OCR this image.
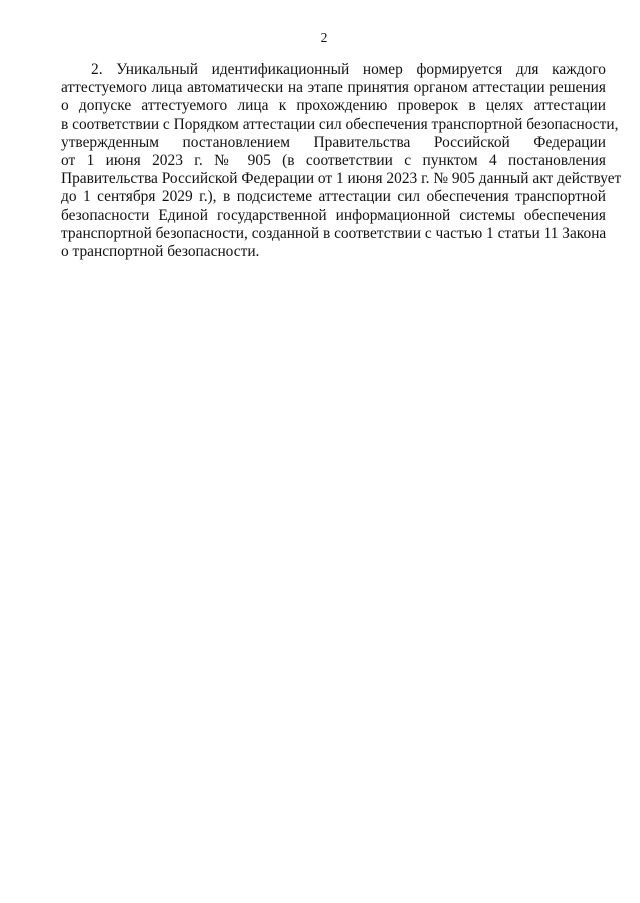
2
2. Уникальный идентификационный номер формируется для каждого
аттестуемого лица автоматически на этапе принятия органом аттестации решения
о допуске аттестуемого лица к прохождению проверок в целях аттестации
в соответствии с Порядком аттестации сил обеспечения транспортной безопасности,
утвержденным постановлением Правительства Российской Федерации
от 1 июня 2023 г. № 905 (в соответствии с пунктом 4 постановления
Правительства Российской Федерации от 1 июня 2023 г. № 905 данный акт действует
до 1 сентября 2029 г.), в подсистеме аттестации сил обеспечения транспортной
безопасности Единой государственной информационной системы обеспечения
транспортной безопасности, созданной в соответствии с частью 1 статьи 11 Закона
о транспортной безопасности.
